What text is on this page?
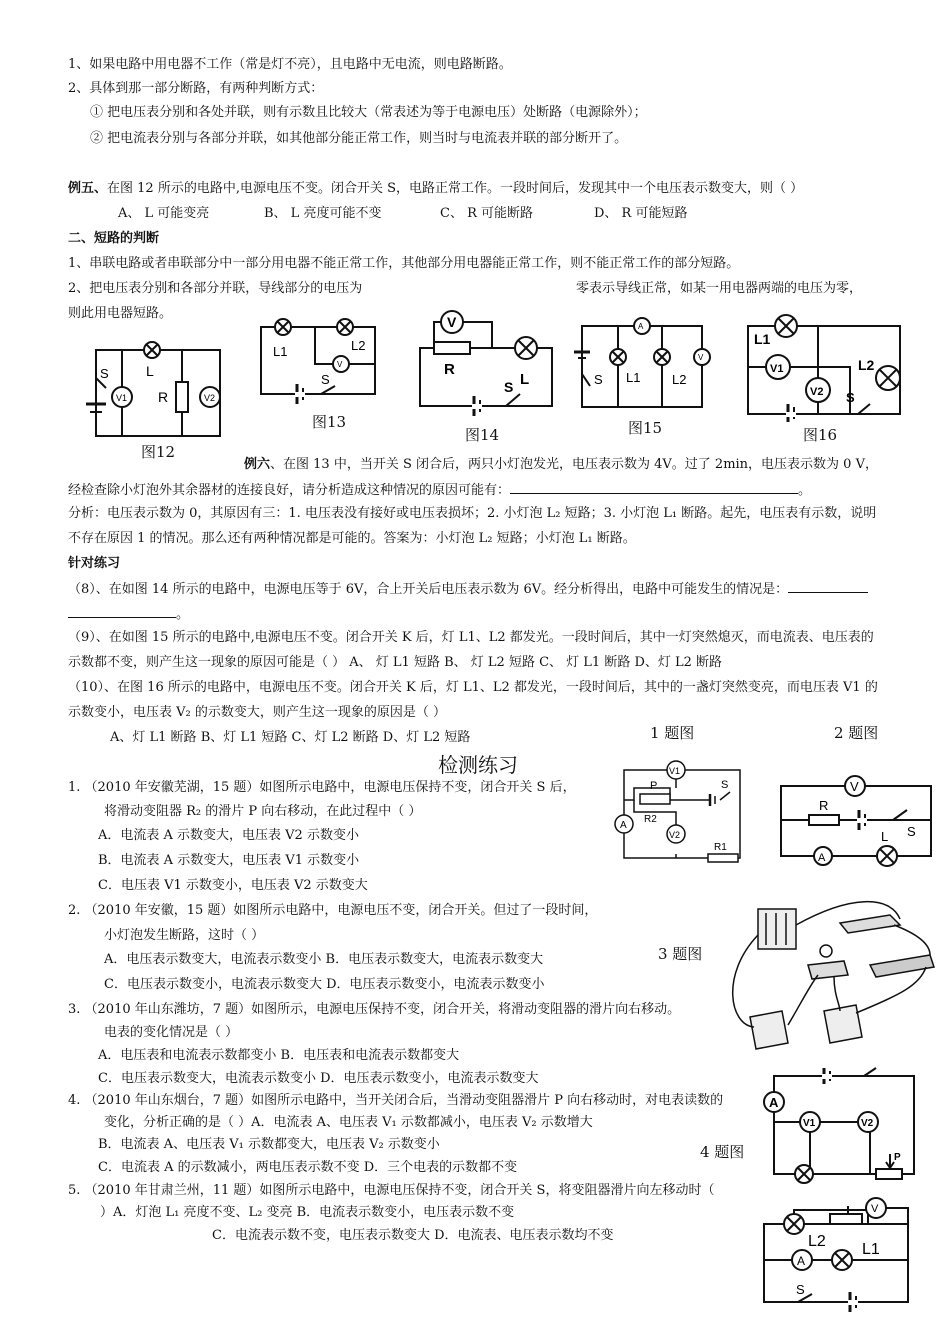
1、如果电路中用电器不工作（常是灯不亮），且电路中无电流，则电路断路。
2、具体到那一部分断路，有两种判断方式：
① 把电压表分别和各处并联，则有示数且比较大（常表述为等于电源电压）处断路（电源除外）；
② 把电流表分别与各部分并联，如其他部分能正常工作，则当时与电流表并联的部分断开了。
例五、在图 12 所示的电路中,电源电压不变。闭合开关 S，电路正常工作。一段时间后，发现其中一个电压表示数变大，则（ ）
A、 L 可能变亮	B、 L 亮度可能不变	C、 R 可能断路	D、 R 可能短路
二、短路的判断
1、串联电路或者串联部分中一部分用电器不能正常工作，其他部分用电器能正常工作，则不能正常工作的部分短路。
2、把电压表分别和各部分并联，导线部分的电压为	零表示导线正常，如某一用电器两端的电压为零，
则此用电器短路。
S
V1
L
R	V2
图12
L1	L2
V
S
图13
V
R
L
S
图14
A
S L1 L2
V
图15
L1
V1
V2
L2
S
图16
例六、在图 13 中，当开关 S 闭合后，两只小灯泡发光，电压表示数为 4V。过了 2min，电压表示数为 0 V，
经检查除小灯泡外其余器材的连接良好，请分析造成这种情况的原因可能有：	。
分析：电压表示数为 0，其原因有三：1. 电压表没有接好或电压表损坏；2. 小灯泡 L₂ 短路；3. 小灯泡 L₁ 断路。起先，电压表有示数，说明
不存在原因 1 的情况。那么还有两种情况都是可能的。答案为：小灯泡 L₂ 短路；小灯泡 L₁ 断路。
针对练习
（8）、在如图 14 所示的电路中，电源电压等于 6V，合上开关后电压表示数为 6V。经分析得出，电路中可能发生的情况是：
。
（9）、在如图 15 所示的电路中,电源电压不变。闭合开关 K 后，灯 L1、L2 都发光。一段时间后，其中一灯突然熄灭，而电流表、电压表的
示数都不变，则产生这一现象的原因可能是（ ） A、 灯 L1 短路 B、 灯 L2 短路 C、 灯 L1 断路 D、灯 L2 断路
（10）、在图 16 所示的电路中，电源电压不变。闭合开关 K 后，灯 L1、L2 都发光，一段时间后，其中的一盏灯突然变亮，而电压表 V1 的
示数变小，电压表 V₂ 的示数变大，则产生这一现象的原因是（ ）
A、灯 L1 断路 B、灯 L1 短路 C、灯 L2 断路 D、灯 L2 短路	1 题图	2 题图
检测练习
1. （2010 年安徽芜湖，15 题）如图所示电路中，电源电压保持不变，闭合开关 S 后，
将滑动变阻器 R₂ 的滑片 P 向右移动，在此过程中（ ）
A．电流表 A 示数变大，电压表 V2 示数变小
B．电流表 A 示数变大，电压表 V1 示数变小
C．电压表 V1 示数变小，电压表 V2 示数变大
2. （2010 年安徽，15 题）如图所示电路中，电源电压不变，闭合开关。但过了一段时间，
小灯泡发生断路，这时（ ）
A．电压表示数变大，电流表示数变小 B．电压表示数变大，电流表示数变大
C．电压表示数变小，电流表示数变大 D．电压表示数变小，电流表示数变小
3. （2010 年山东潍坊，7 题）如图所示，电源电压保持不变，闭合开关，将滑动变阻器的滑片向右移动。
电表的变化情况是（ ）
A．电压表和电流表示数都变小 B．电压表和电流表示数都变大
C．电压表示数变大，电流表示数变小 D．电压表示数变小，电流表示数变大
4. （2010 年山东烟台，7 题）如图所示电路中，当开关闭合后，当滑动变阻器滑片 P 向右移动时，对电表读数的
变化，分析正确的是（ ）A．电流表 A、电压表 V₁ 示数都减小，电压表 V₂ 示数增大
B．电流表 A、电压表 V₁ 示数都变大，电压表 V₂ 示数变小
C．电流表 A 的示数减小，两电压表示数不变 D．三个电表的示数都不变
5. （2010 年甘肃兰州，11 题）如图所示电路中，电源电压保持不变，闭合开关 S，将变阻器滑片向左移动时（
）A．灯泡 L₁ 亮度不变、L₂ 变亮 B．电流表示数变小，电压表示数不变
C．电流表示数不变，电压表示数变大 D．电流表、电压表示数均不变
3 题图
4 题图
V1
S
P
R2
A
V2
R1
V
R
L S
A
A
V1	V2
P
V
L2 L1
A
S
